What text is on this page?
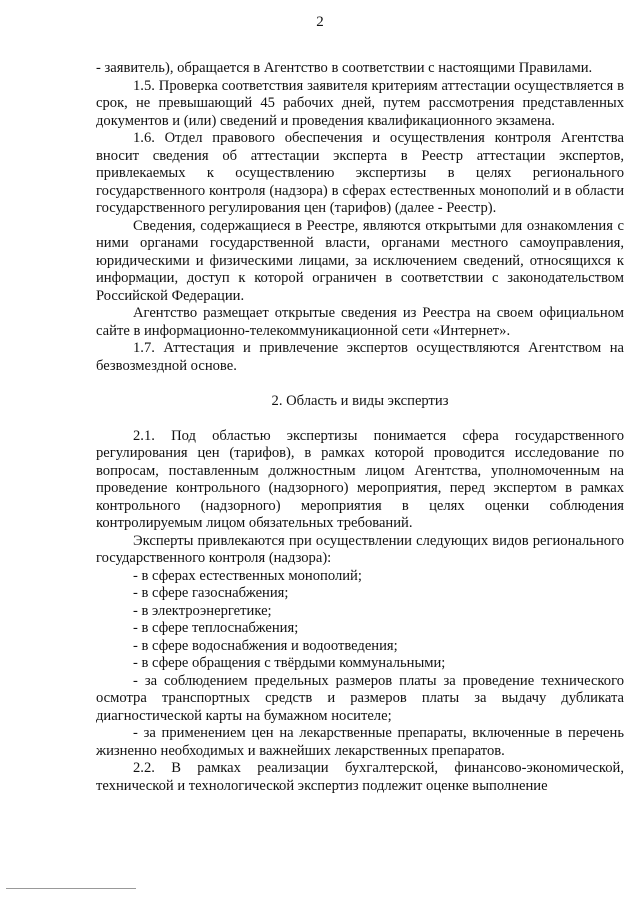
2

- заявитель), обращается в Агентство в соответствии с настоящими Правилами.

1.5. Проверка соответствия заявителя критериям аттестации осуществляется в срок, не превышающий 45 рабочих дней, путем рассмотрения представленных документов и (или) сведений и проведения квалификационного экзамена.

1.6. Отдел правового обеспечения и осуществления контроля Агентства вносит сведения об аттестации эксперта в Реестр аттестации экспертов, привлекаемых к осуществлению экспертизы в целях регионального государственного контроля (надзора) в сферах естественных монополий и в области государственного регулирования цен (тарифов) (далее - Реестр).

Сведения, содержащиеся в Реестре, являются открытыми для ознакомления с ними органами государственной власти, органами местного самоуправления, юридическими и физическими лицами, за исключением сведений, относящихся к информации, доступ к которой ограничен в соответствии с законодательством Российской Федерации.

Агентство размещает открытые сведения из Реестра на своем официальном сайте в информационно-телекоммуникационной сети «Интернет».

1.7. Аттестация и привлечение экспертов осуществляются Агентством на безвозмездной основе.

2. Область и виды экспертиз

2.1. Под областью экспертизы понимается сфера государственного регулирования цен (тарифов), в рамках которой проводится исследование по вопросам, поставленным должностным лицом Агентства, уполномоченным на проведение контрольного (надзорного) мероприятия, перед экспертом в рамках контрольного (надзорного) мероприятия в целях оценки соблюдения контролируемым лицом обязательных требований.

Эксперты привлекаются при осуществлении следующих видов регионального государственного контроля (надзора):

- в сферах естественных монополий;

- в сфере газоснабжения;

- в электроэнергетике;

- в сфере теплоснабжения;

- в сфере водоснабжения и водоотведения;

- в сфере обращения с твёрдыми коммунальными;

- за соблюдением предельных размеров платы за проведение технического осмотра транспортных средств и размеров платы за выдачу дубликата диагностической карты на бумажном носителе;

- за применением цен на лекарственные препараты, включенные в перечень жизненно необходимых и важнейших лекарственных препаратов.

2.2. В рамках реализации бухгалтерской, финансово-экономической, технической и технологической экспертиз подлежит оценке выполнение
